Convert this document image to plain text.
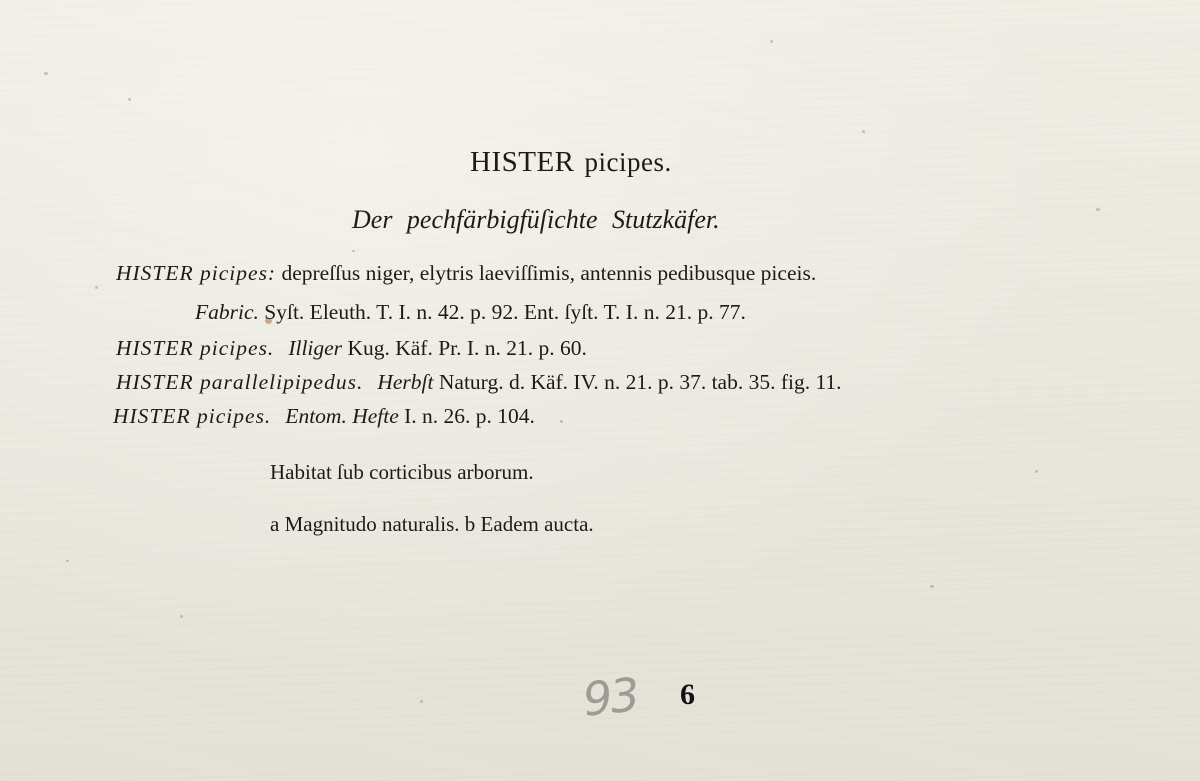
HISTER picipes.
Der pechfärbigfüſichte Stutzkäfer.
HISTER picipes: depreſſus niger, elytris laeviſſimis, antennis pedibusque piceis.
Fabric. Syſt. Eleuth. T. I. n. 42. p. 92. Ent. ſyſt. T. I. n. 21. p. 77.
HISTER picipes. Illiger Kug. Käf. Pr. I. n. 21. p. 60.
HISTER parallelipipedus. Herbſt Naturg. d. Käf. IV. n. 21. p. 37. tab. 35. fig. 11.
HISTER picipes. Entom. Hefte I. n. 26. p. 104.
Habitat ſub corticibus arborum.
a Magnitudo naturalis. b Eadem aucta.
93 6
